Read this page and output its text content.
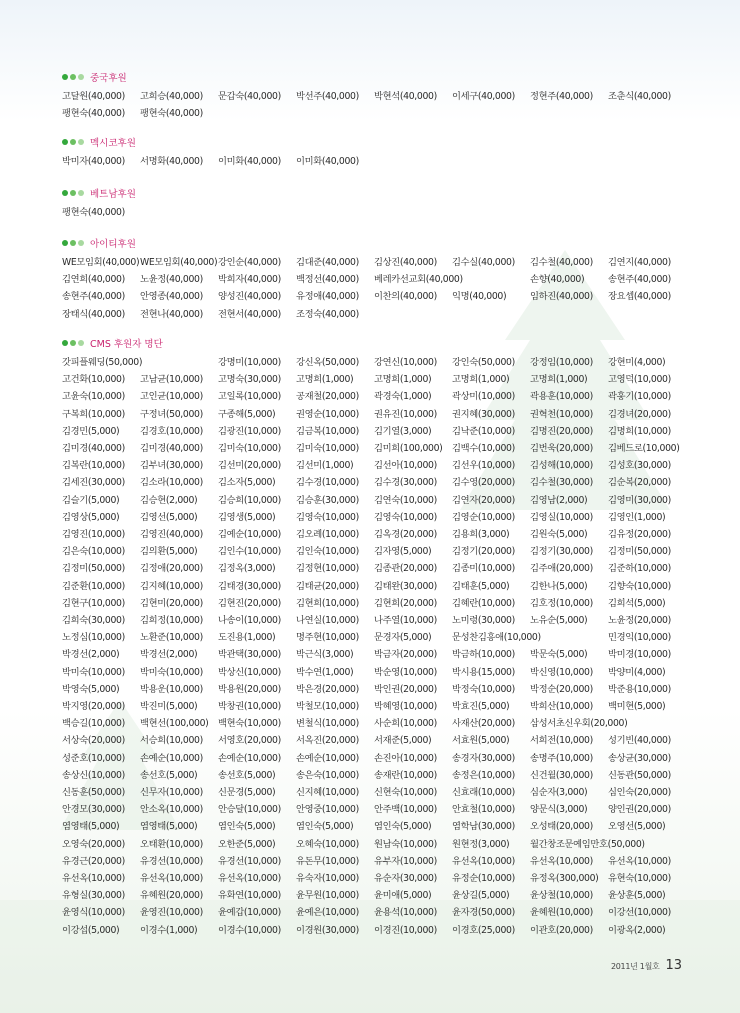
중국후원
고달원(40,000) 고희승(40,000) 문갑숙(40,000) 박선주(40,000) 박현석(40,000) 이세구(40,000) 정현주(40,000) 조춘식(40,000)
팽현숙(40,000) 팽현숙(40,000)
멕시코후원
박미자(40,000) 서명화(40,000) 이미화(40,000) 이미화(40,000)
베트남후원
팽현숙(40,000)
아이티후원
WE모임회(40,000) WE모임회(40,000) 강인순(40,000) 김대준(40,000) 김상진(40,000) 김수실(40,000) 김수철(40,000) 김연지(40,000)
김연희(40,000) 노윤정(40,000) 박희자(40,000) 백정선(40,000) 베레카선교회(40,000)	손향(40,000)	송현주(40,000)
송현주(40,000) 안영종(40,000) 양성진(40,000) 유정애(40,000) 이찬의(40,000) 익명(40,000)	임하진(40,000) 장요셉(40,000)
장태식(40,000) 전현나(40,000) 전현서(40,000) 조정숙(40,000)
CMS 후원자 명단
갓피플웨딩(50,000)	강명미(10,000) 강신옥(50,000) 강연신(10,000) 강인숙(50,000) 강정임(10,000) 강현미(4,000)
고건화(10,000) 고남균(10,000) 고명숙(30,000) 고명희(1,000) 고명희(1,000) 고명희(1,000) 고명희(1,000) 고영덕(10,000)
고윤숙(10,000) 고인균(10,000) 고일록(10,000) 공재철(20,000) 곽경숙(1,000) 곽상미(10,000) 곽용훈(10,000) 곽훙기(10,000)
구복희(10,000) 구정녀(50,000) 구종해(5,000) 권영순(10,000) 권유진(10,000) 권지혜(30,000) 권혁천(10,000) 김경녀(20,000)
김경민(5,000) 김경호(10,000) 김광진(10,000) 김금복(10,000) 김기열(3,000) 김낙준(10,000) 김명진(20,000) 김명희(10,000)
김미경(40,000) 김미경(40,000) 김미숙(10,000) 김미숙(10,000) 김미희(100,000) 김백수(10,000) 김번욱(20,000) 김베드로(10,000)
김복란(10,000) 김부녀(30,000) 김선미(20,000) 김선미(1,000) 김선아(10,000) 김선우(10,000) 김성해(10,000) 김성호(30,000)
김세진(30,000) 김소라(10,000) 김소자(5,000) 김수경(10,000) 김수경(30,000) 김수영(20,000) 김수철(30,000) 김순복(20,000)
김슬기(5,000) 김승현(2,000) 김승희(10,000) 김승훈(30,000) 김연숙(10,000) 김연자(20,000) 김영남(2,000) 김영미(30,000)
김영상(5,000) 김영선(5,000) 김영생(5,000) 김영숙(10,000) 김영숙(10,000) 김영순(10,000) 김영실(10,000) 김영인(1,000)
김영진(10,000) 김영진(40,000) 김예순(10,000) 김오례(10,000) 김옥경(20,000) 김용희(3,000) 김원숙(5,000) 김유정(20,000)
김은숙(10,000) 김의환(5,000) 김인수(10,000) 김인숙(10,000) 김자영(5,000) 김정기(20,000) 김정기(30,000) 김정미(50,000)
김정미(50,000) 김정애(20,000) 김정옥(3,000) 김정현(10,000) 김종관(20,000) 김종미(10,000) 김주애(20,000) 김준하(10,000)
김준환(10,000) 김지혜(10,000) 김태경(30,000) 김태균(20,000) 김태완(30,000) 김태훈(5,000) 김한나(5,000) 김향숙(10,000)
김현구(10,000) 김현미(20,000) 김현진(20,000) 김현희(10,000) 김현희(20,000) 김혜란(10,000) 김호정(10,000) 김희석(5,000)
김희숙(30,000) 김희정(10,000) 나송이(10,000) 나연실(10,000) 나주열(10,000) 노미령(30,000) 노유순(5,000) 노윤정(20,000)
노정심(10,000) 노환준(10,000) 도진용(1,000) 명주현(10,000) 문경자(5,000) 문성찬김흥애(10,000)	민경익(10,000)
박경선(2,000) 박경선(2,000) 박관택(30,000) 박근식(3,000) 박금자(20,000) 박금하(10,000) 박문숙(5,000) 박미경(10,000)
박미숙(10,000) 박미숙(10,000) 박상신(10,000) 박수연(1,000) 박순영(10,000) 박시용(15,000) 박신영(10,000) 박양미(4,000)
박영숙(5,000) 박용운(10,000) 박용원(20,000) 박은경(20,000) 박인권(20,000) 박정숙(10,000) 박정순(20,000) 박준용(10,000)
박지영(20,000) 박진미(5,000) 박창권(10,000) 박철모(10,000) 박혜영(10,000) 박효진(5,000) 박희산(10,000) 백미현(5,000)
백승길(10,000) 백현선(100,000) 백현숙(10,000) 변철식(10,000) 사순희(10,000) 사재산(20,000) 삼성서초신우회(20,000)
서상숙(20,000) 서승희(10,000) 서영호(20,000) 서옥진(20,000) 서재준(5,000) 서효원(5,000) 서희전(10,000) 성기빈(40,000)
성준호(10,000) 손예순(10,000) 손예순(10,000) 손예순(10,000) 손진아(10,000) 송경자(30,000) 송명주(10,000) 송상균(30,000)
송상신(10,000) 송선호(5,000) 송선호(5,000) 송은숙(10,000) 송재란(10,000) 송정은(10,000) 신건월(30,000) 신동관(50,000)
신동훈(50,000) 신무자(10,000) 신문경(5,000) 신지혜(10,000) 신현숙(10,000) 신효래(10,000) 심순자(3,000) 심인숙(20,000)
안경모(30,000) 안소옥(10,000) 안승달(10,000) 안영중(10,000) 안주백(10,000) 안효철(10,000) 양문식(3,000) 양인권(20,000)
염영태(5,000) 염영태(5,000) 염인숙(5,000) 염인숙(5,000) 염인숙(5,000) 염학남(30,000) 오성태(20,000) 오영선(5,000)
오영숙(20,000) 오태환(10,000) 오한준(5,000) 오혜숙(10,000) 원남숙(10,000) 원현정(3,000) 월간창조문예임만호(50,000)
유경근(20,000) 유경선(10,000) 유경선(10,000) 유돈무(10,000) 유부자(10,000) 유선옥(10,000) 유선옥(10,000) 유선옥(10,000)
유선옥(10,000) 유선옥(10,000) 유선옥(10,000) 유숙자(10,000) 유순자(30,000) 유정순(10,000) 유정옥(300,000) 유현숙(10,000)
유형실(30,000) 유혜원(20,000) 유화연(10,000) 윤무원(10,000) 윤미애(5,000) 윤상길(5,000) 윤상철(10,000) 윤상훈(5,000)
윤영식(10,000) 윤영진(10,000) 윤예갑(10,000) 윤예은(10,000) 윤용석(10,000) 윤자경(50,000) 윤혜원(10,000) 이강선(10,000)
이강섭(5,000) 이경수(1,000) 이경수(10,000) 이경원(30,000) 이경진(10,000) 이경호(25,000) 이관호(20,000) 이광옥(2,000)
2011년 1월호 13
